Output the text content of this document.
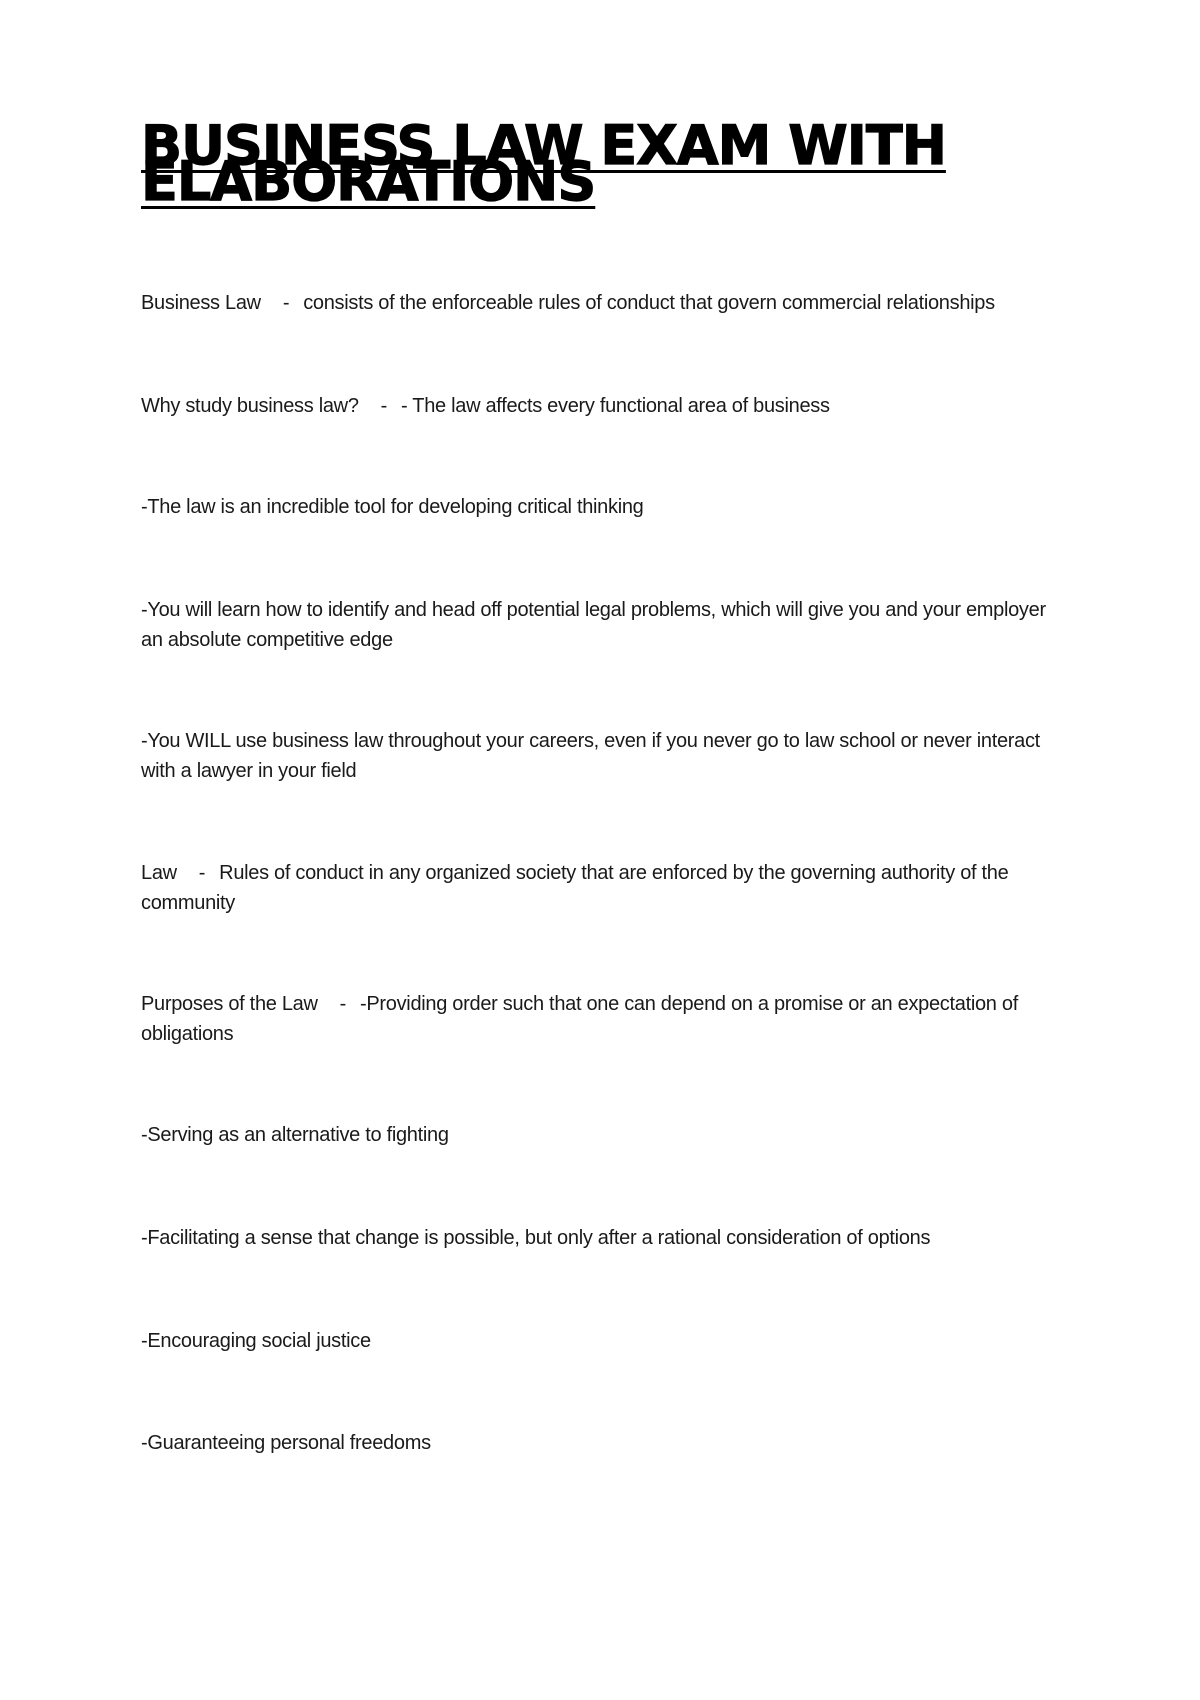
BUSINESS LAW EXAM WITH ELABORATIONS

Business Law - consists of the enforceable rules of conduct that govern commercial relationships

Why study business law? - - The law affects every functional area of business

-The law is an incredible tool for developing critical thinking

-You will learn how to identify and head off potential legal problems, which will give you and your employer an absolute competitive edge

-You WILL use business law throughout your careers, even if you never go to law school or never interact with a lawyer in your field

Law - Rules of conduct in any organized society that are enforced by the governing authority of the community

Purposes of the Law - -Providing order such that one can depend on a promise or an expectation of obligations

-Serving as an alternative to fighting

-Facilitating a sense that change is possible, but only after a rational consideration of options

-Encouraging social justice

-Guaranteeing personal freedoms
